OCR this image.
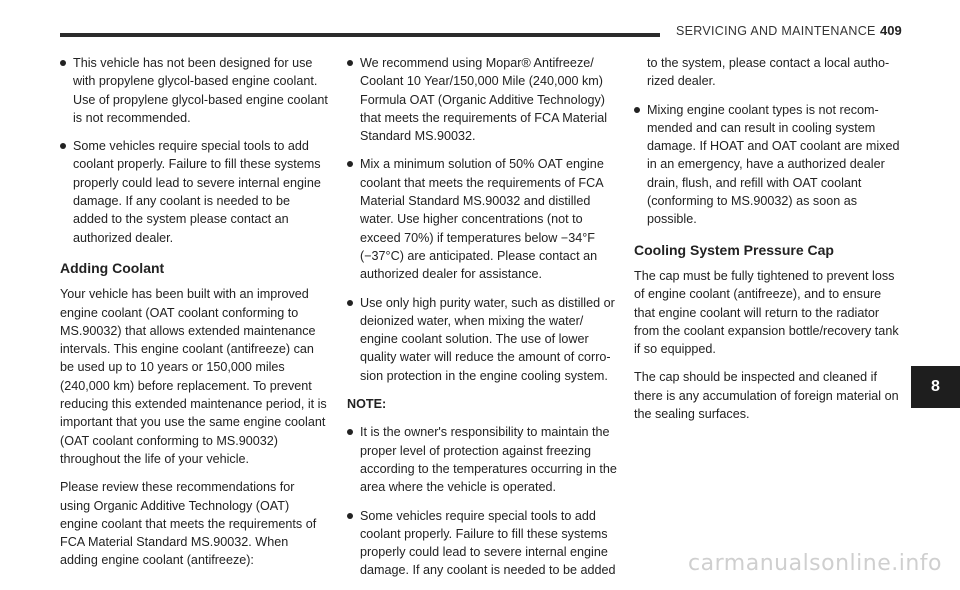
SERVICING AND MAINTENANCE 409
This vehicle has not been designed for use with propylene glycol-based engine coolant. Use of propylene glycol-based engine coolant is not recommended.
Some vehicles require special tools to add coolant properly. Failure to fill these systems properly could lead to severe internal engine damage. If any coolant is needed to be added to the system please contact an authorized dealer.
Adding Coolant
Your vehicle has been built with an improved engine coolant (OAT coolant conforming to MS.90032) that allows extended maintenance intervals. This engine coolant (antifreeze) can be used up to 10 years or 150,000 miles (240,000 km) before replacement. To prevent reducing this extended maintenance period, it is important that you use the same engine coolant (OAT coolant conforming to MS.90032) throughout the life of your vehicle.
Please review these recommendations for using Organic Additive Technology (OAT) engine coolant that meets the requirements of FCA Material Standard MS.90032. When adding engine coolant (antifreeze):
We recommend using Mopar® Antifreeze/ Coolant 10 Year/150,000 Mile (240,000 km) Formula OAT (Organic Additive Technology) that meets the requirements of FCA Material Standard MS.90032.
Mix a minimum solution of 50% OAT engine coolant that meets the requirements of FCA Material Standard MS.90032 and distilled water. Use higher concentrations (not to exceed 70%) if temperatures below −34°F (−37°C) are anticipated. Please contact an authorized dealer for assistance.
Use only high purity water, such as distilled or deionized water, when mixing the water/ engine coolant solution. The use of lower quality water will reduce the amount of corro- sion protection in the engine cooling system.
NOTE:
It is the owner's responsibility to maintain the proper level of protection against freezing according to the temperatures occurring in the area where the vehicle is operated.
Some vehicles require special tools to add coolant properly. Failure to fill these systems properly could lead to severe internal engine damage. If any coolant is needed to be added
to the system, please contact a local autho- rized dealer.
Mixing engine coolant types is not recom- mended and can result in cooling system damage. If HOAT and OAT coolant are mixed in an emergency, have a authorized dealer drain, flush, and refill with OAT coolant (conforming to MS.90032) as soon as possible.
Cooling System Pressure Cap
The cap must be fully tightened to prevent loss of engine coolant (antifreeze), and to ensure that engine coolant will return to the radiator from the coolant expansion bottle/recovery tank if so equipped.
The cap should be inspected and cleaned if there is any accumulation of foreign material on the sealing surfaces.
8
carmanualsonline.info
